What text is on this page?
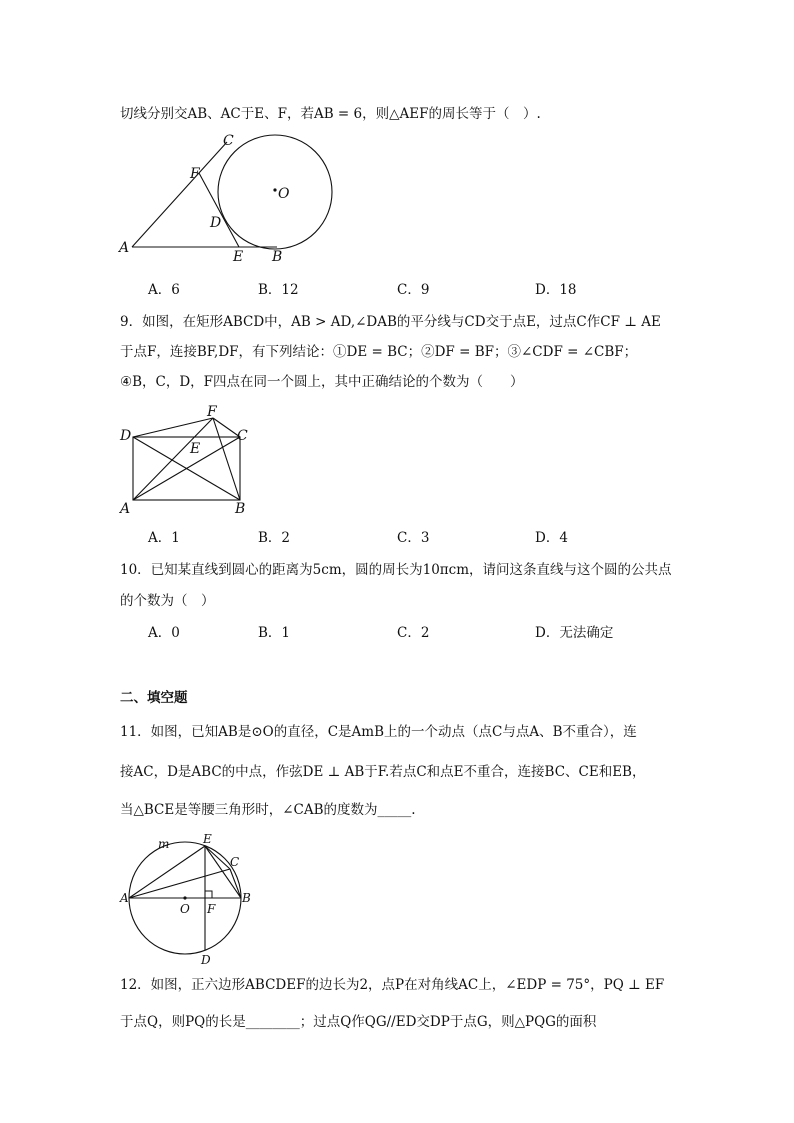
切线分别交AB、AC于E、F，若AB = 6，则△AEF的周长等于（　）.
A
B
C
D
E
F
O
A．6	B．12	C．9	D．18
9．如图，在矩形ABCD中，AB > AD,∠DAB的平分线与CD交于点E，过点C作CF ⊥ AE
于点F，连接BF,DF，有下列结论：①DE = BC；②DF = BF；③∠CDF = ∠CBF；
④B，C，D，F四点在同一个圆上，其中正确结论的个数为（　　）
A	B
C
D
E
F
A．1	B．2	C．3	D．4
10．已知某直线到圆心的距离为5cm，圆的周长为10πcm，请问这条直线与这个圆的公共点
的个数为（　）
A．0	B．1	C．2	D．无法确定
二、填空题
11．如图，已知AB是⊙O的直径，C是AmB上的一个动点（点C与点A、B不重合），连
接AC，D是ABC的中点，作弦DE ⊥ AB于F.若点C和点E不重合，连接BC、CE和EB，
当△BCE是等腰三角形时，∠CAB的度数为_____.
m
A	B
C
D
E
F
O
12．如图，正六边形ABCDEF的边长为2，点P在对角线AC上，∠EDP = 75°，PQ ⊥ EF
于点Q，则PQ的长是________；过点Q作QG//ED交DP于点G，则△PQG的面积
